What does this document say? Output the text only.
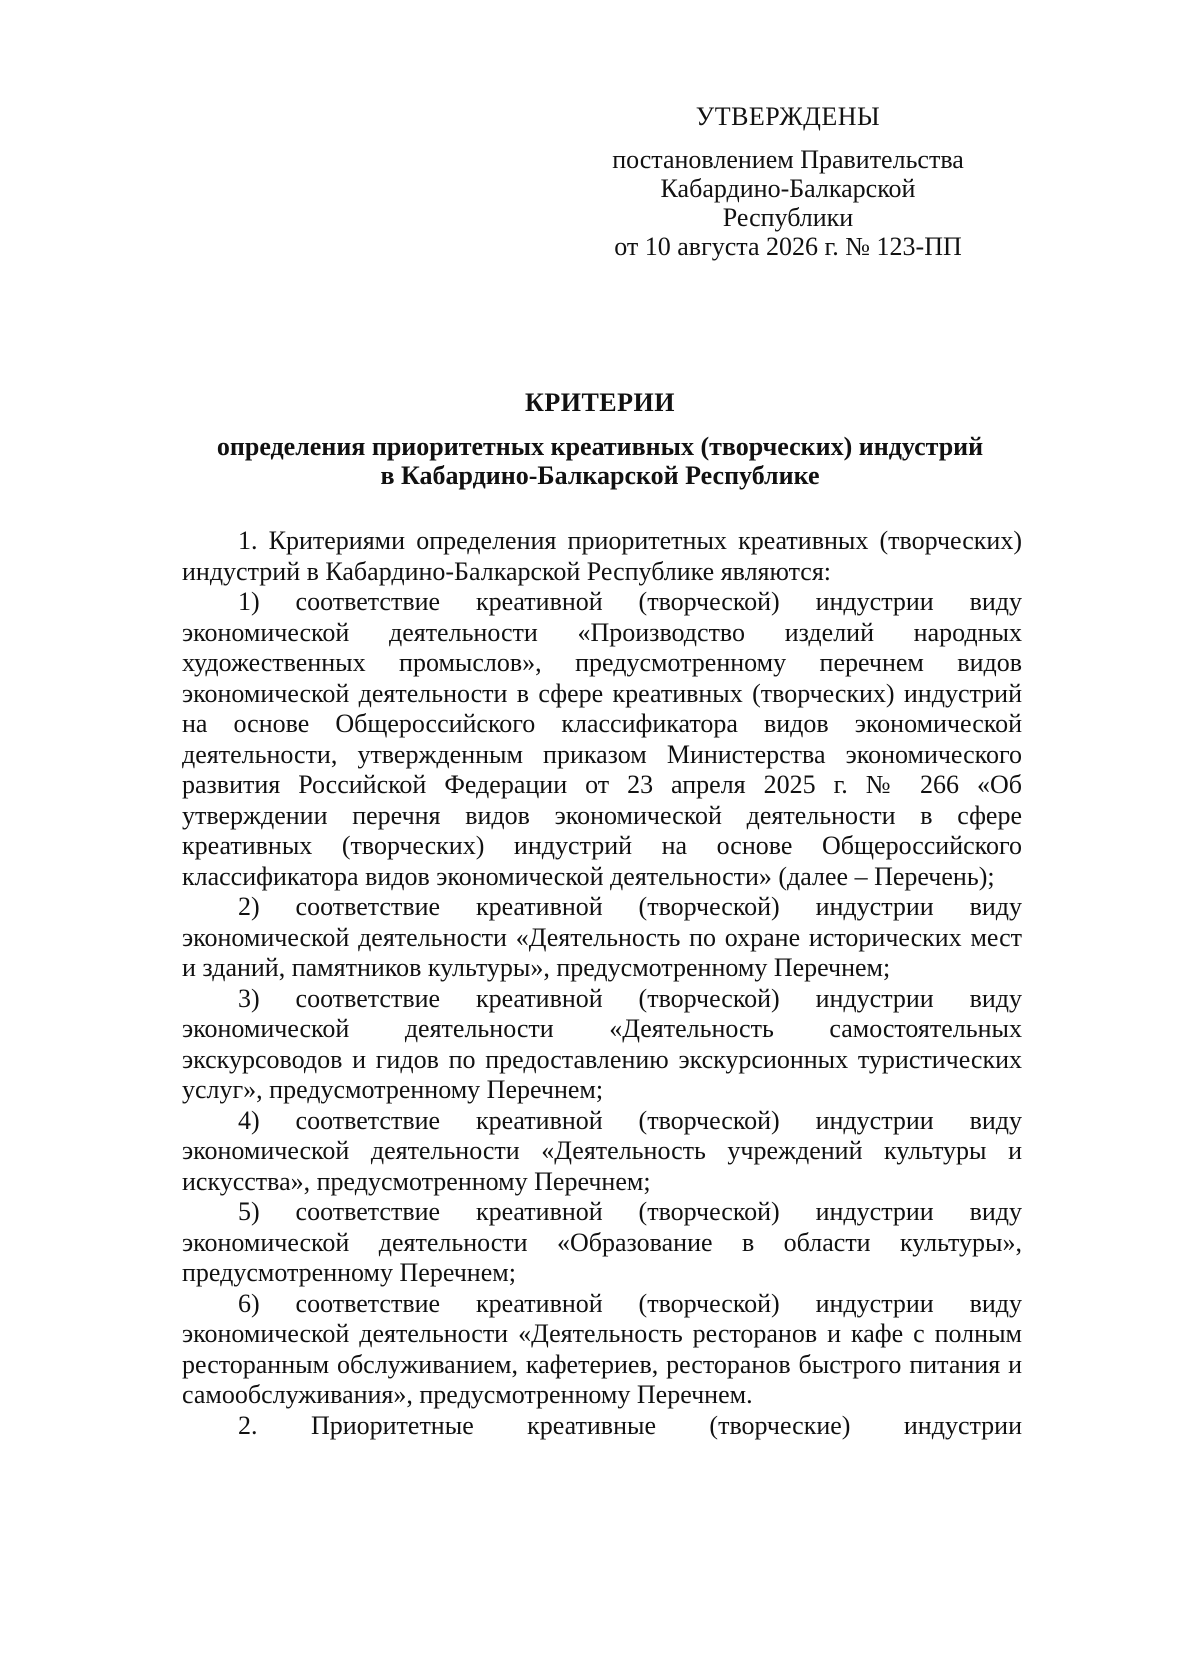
УТВЕРЖДЕНЫ
постановлением Правительства
Кабардино-Балкарской Республики
от 10 августа 2026 г. № 123-ПП
КРИТЕРИИ
определения приоритетных креативных (творческих) индустрий
в Кабардино-Балкарской Республике

1. Критериями определения приоритетных креативных (творческих) индустрий в Кабардино-Балкарской Республике являются:

1) соответствие креативной (творческой) индустрии виду экономической деятельности «Производство изделий народных художественных промыслов», предусмотренному перечнем видов экономической деятельности в сфере креативных (творческих) индустрий на основе Общероссийского классификатора видов экономической деятельности, утвержденным приказом Министерства экономического развития Российской Федерации от 23 апреля 2025 г. № 266 «Об утверждении перечня видов экономической деятельности в сфере креативных (творческих) индустрий на основе Общероссийского классификатора видов экономической деятельности» (далее – Перечень);

2) соответствие креативной (творческой) индустрии виду экономической деятельности «Деятельность по охране исторических мест и зданий, памятников культуры», предусмотренному Перечнем;

3) соответствие креативной (творческой) индустрии виду экономической деятельности «Деятельность самостоятельных экскурсоводов и гидов по предоставлению экскурсионных туристических услуг», предусмотренному Перечнем;

4) соответствие креативной (творческой) индустрии виду экономической деятельности «Деятельность учреждений культуры и искусства», предусмотренному Перечнем;

5) соответствие креативной (творческой) индустрии виду экономической деятельности «Образование в области культуры», предусмотренному Перечнем;

6) соответствие креативной (творческой) индустрии виду экономической деятельности «Деятельность ресторанов и кафе с полным ресторанным обслуживанием, кафетериев, ресторанов быстрого питания и самообслуживания», предусмотренному Перечнем.

2. Приоритетные креативные (творческие) индустрии
